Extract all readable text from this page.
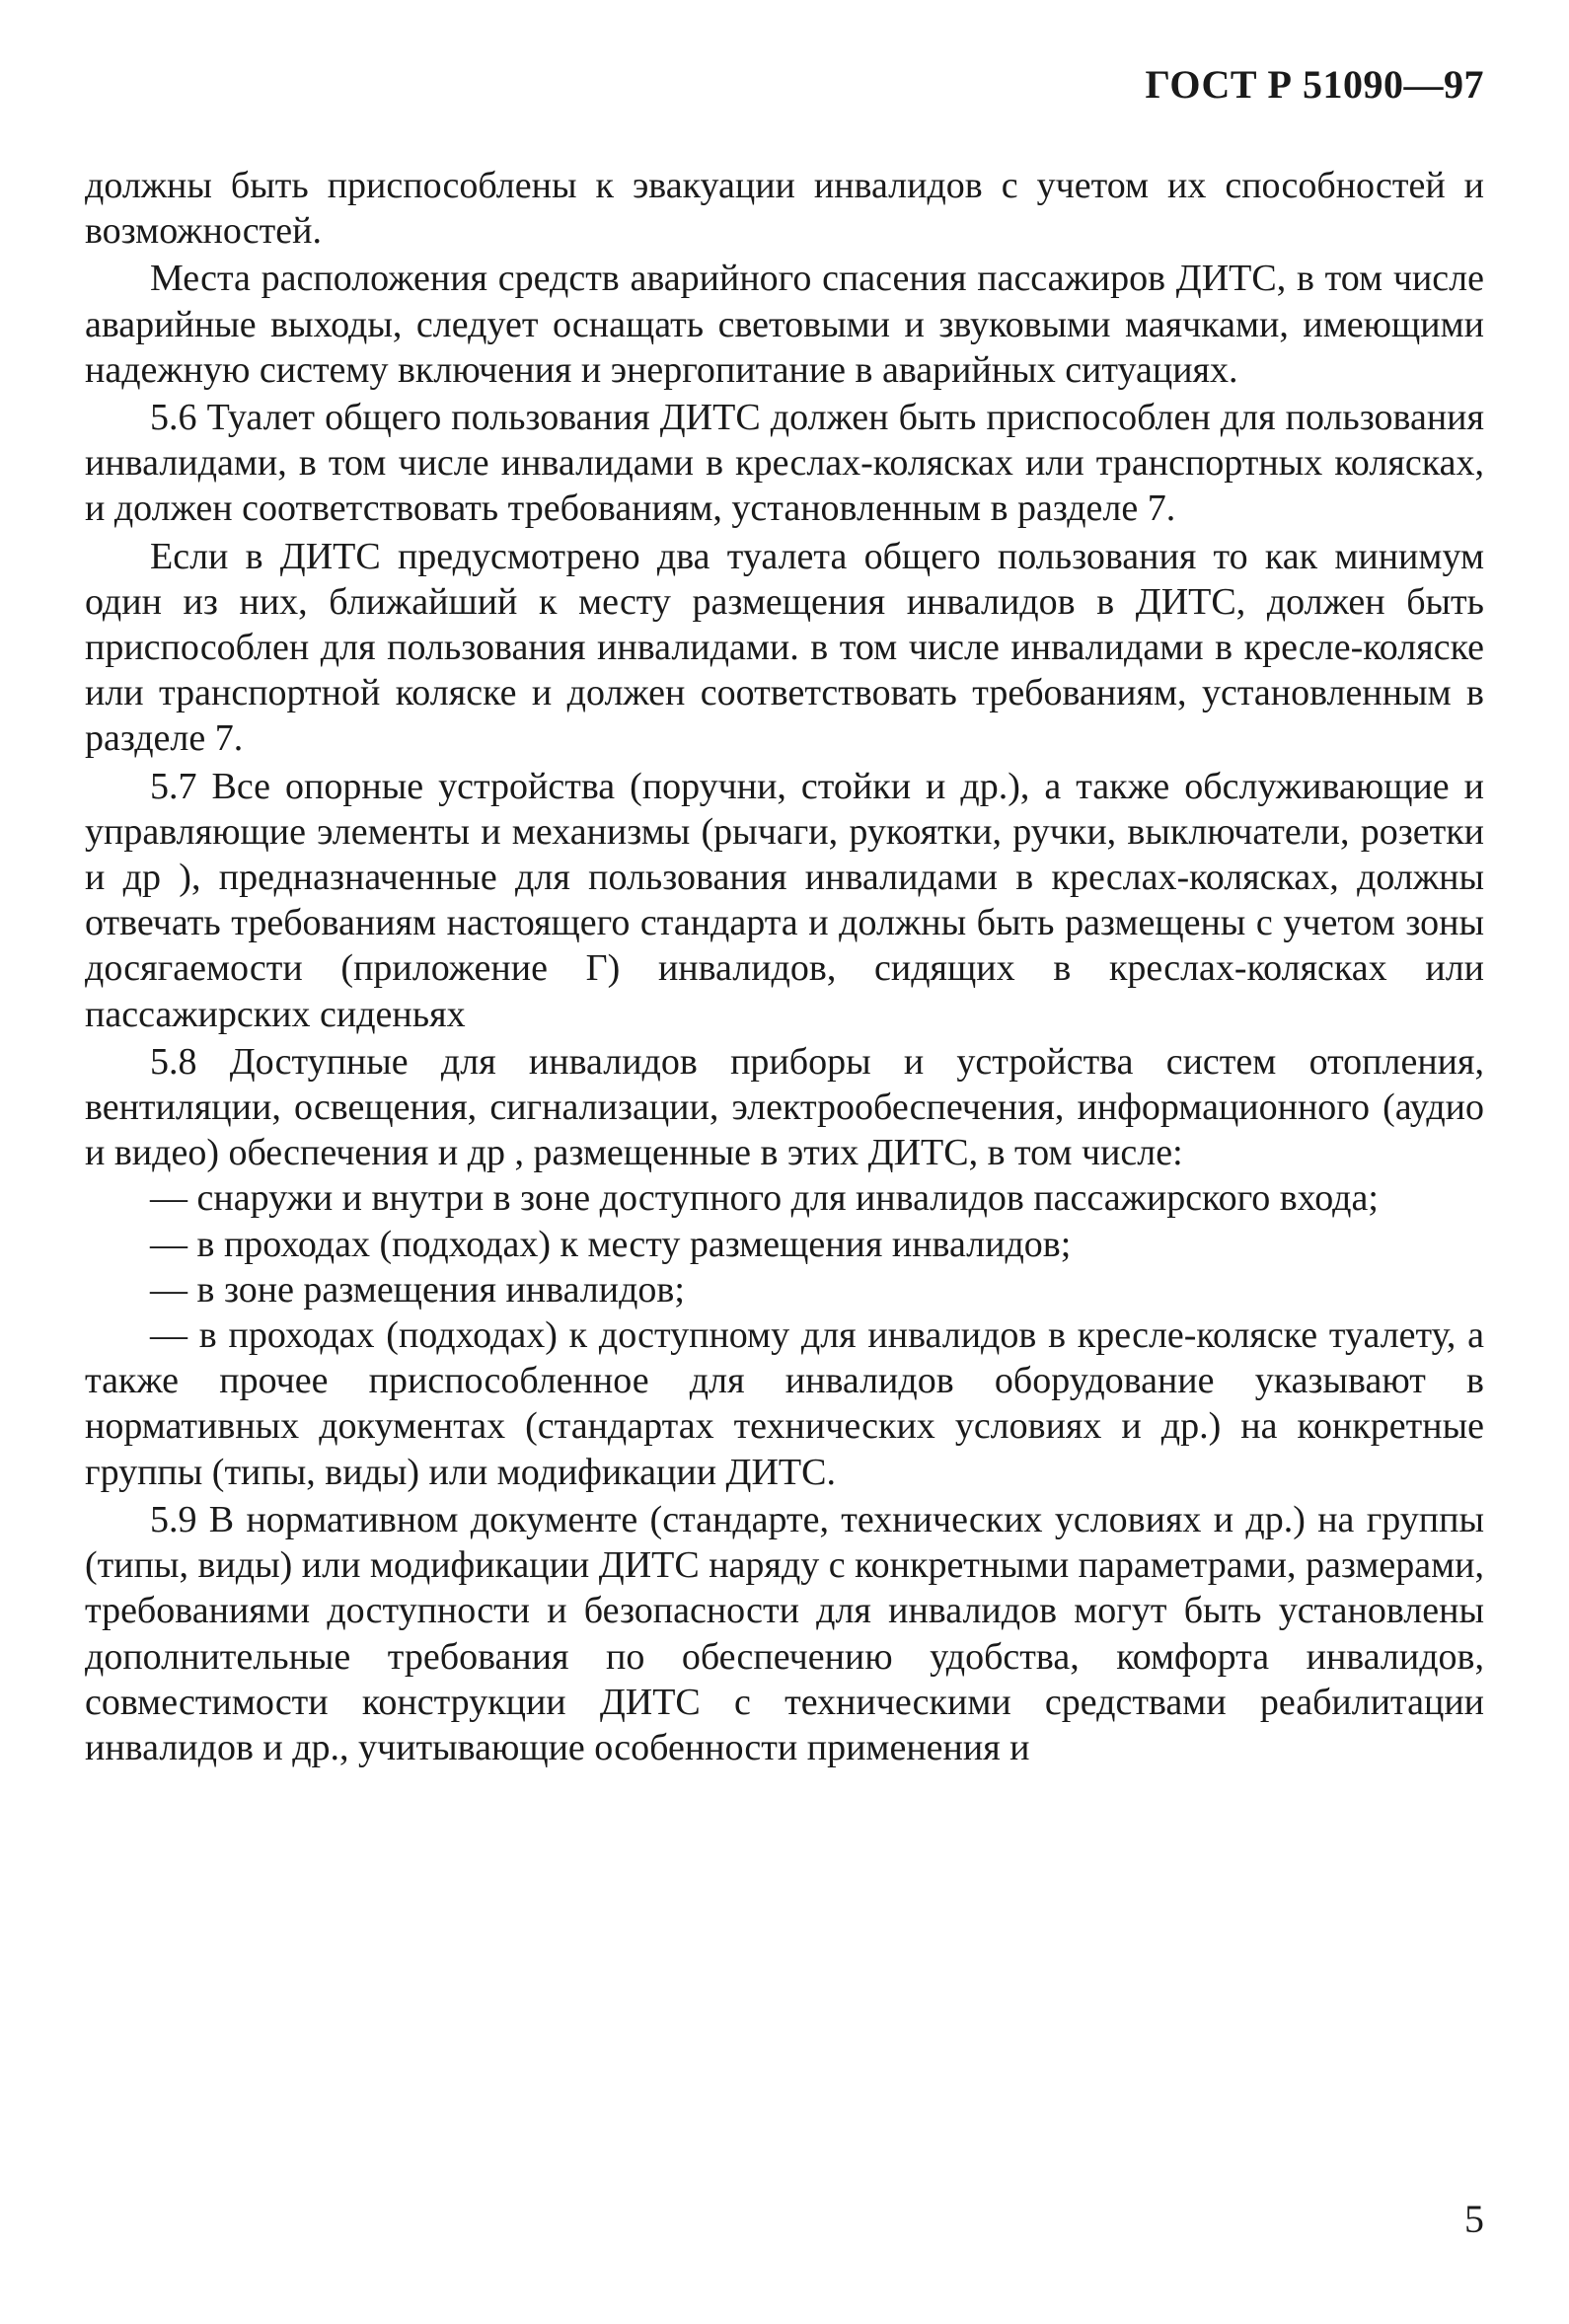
ГОСТ Р 51090—97

должны быть приспособлены к эвакуации инвалидов с учетом их способностей и возможностей.

Места расположения средств аварийного спасения пассажиров ДИТС, в том числе аварийные выходы, следует оснащать световыми и звуковыми маячками, имеющими надежную систему включения и энергопитание в аварийных ситуациях.

5.6 Туалет общего пользования ДИТС должен быть приспособлен для пользования инвалидами, в том числе инвалидами в креслах-колясках или транспортных колясках, и должен соответствовать требованиям, установленным в разделе 7.

Если в ДИТС предусмотрено два туалета общего пользования то как минимум один из них, ближайший к месту размещения инвалидов в ДИТС, должен быть приспособлен для пользования инвалидами. в том числе инвалидами в кресле-коляске или транспортной коляске и должен соответствовать требованиям, установленным в разделе 7.

5.7 Все опорные устройства (поручни, стойки и др.), а также обслуживающие и управляющие элементы и механизмы (рычаги, рукоятки, ручки, выключатели, розетки и др ), предназначенные для пользования инвалидами в креслах-колясках, должны отвечать требованиям настоящего стандарта и должны быть размещены с учетом зоны досягаемости (приложение Г) инвалидов, сидящих в креслах-колясках или пассажирских сиденьях

5.8 Доступные для инвалидов приборы и устройства систем отопления, вентиляции, освещения, сигнализации, электрообеспечения, информационного (аудио и видео) обеспечения и др , размещенные в этих ДИТС, в том числе:

— снаружи и внутри в зоне доступного для инвалидов пассажирского входа;

— в проходах (подходах) к месту размещения инвалидов;

— в зоне размещения инвалидов;

— в проходах (подходах) к доступному для инвалидов в кресле-коляске туалету, а также прочее приспособленное для инвалидов оборудование указывают в нормативных документах (стандартах технических условиях и др.) на конкретные группы (типы, виды) или модификации ДИТС.

5.9 В нормативном документе (стандарте, технических условиях и др.) на группы (типы, виды) или модификации ДИТС наряду с конкретными параметрами, размерами, требованиями доступности и безопасности для инвалидов могут быть установлены дополнительные требования по обеспечению удобства, комфорта инвалидов, совместимости конструкции ДИТС с техническими средствами реабилитации инвалидов и др., учитывающие особенности применения и

5
